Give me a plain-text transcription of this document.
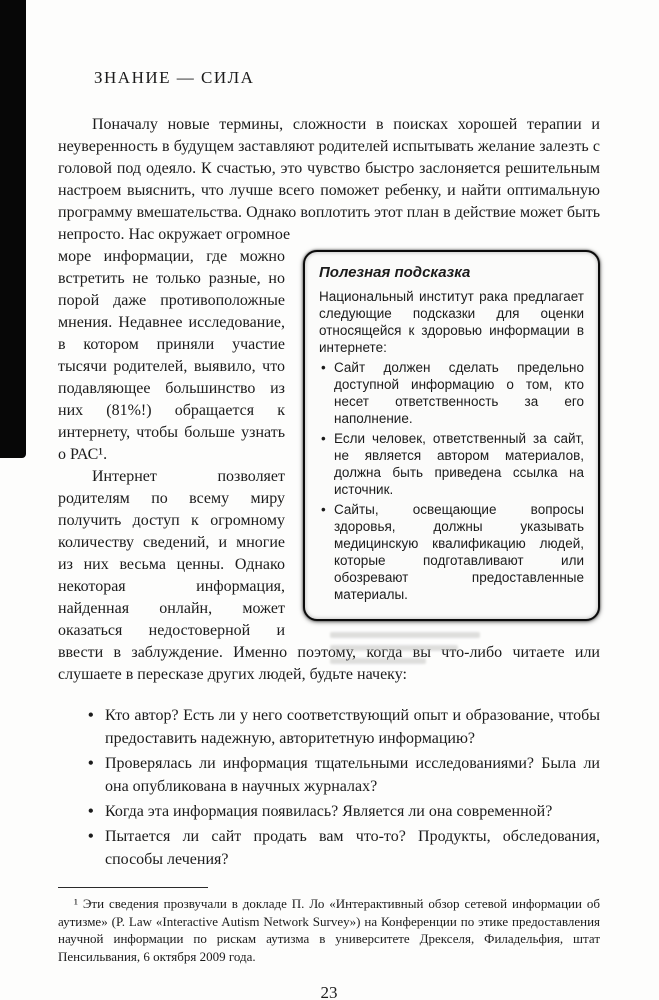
ЗНАНИЕ — СИЛА

Поначалу новые термины, сложности в поисках хорошей терапии и неуверенность в будущем заставляют родителей испытывать желание залезть с головой под одеяло. К счастью, это чувство быстро заслоняется решительным настроем выяснить, что лучше всего поможет ребенку, и найти оптимальную программу вмешательства. Однако воплотить этот план в действие может быть непросто. Нас окружает огромное

Полезная подсказка

Национальный институт рака предлагает следующие подсказки для оценки относящейся к здоровью информации в интернете:

• Сайт должен сделать предельно доступной информацию о том, кто несет ответственность за его наполнение.
• Если человек, ответственный за сайт, не является автором материалов, должна быть приведена ссылка на источник.
• Сайты, освещающие вопросы здоровья, должны указывать медицинскую квалификацию людей, которые подготавливают или обозревают предоставленные материалы.

море информации, где можно встретить не только разные, но порой даже противоположные мнения. Недавнее исследование, в котором приняли участие тысячи родителей, выявило, что подавляющее большинство из них (81%!) обращается к интернету, чтобы больше узнать о РАС¹.

Интернет позволяет родителям по всему миру получить доступ к огромному количеству сведений, и многие из них весьма ценны. Однако некоторая информация, найденная онлайн, может оказаться недостоверной и ввести в заблуждение. Именно поэтому, когда вы что-либо читаете или слушаете в пересказе других людей, будьте начеку:

• Кто автор? Есть ли у него соответствующий опыт и образование, чтобы предоставить надежную, авторитетную информацию?
• Проверялась ли информация тщательными исследованиями? Была ли она опубликована в научных журналах?
• Когда эта информация появилась? Является ли она современной?
• Пытается ли сайт продать вам что-то? Продукты, обследования, способы лечения?

¹ Эти сведения прозвучали в докладе П. Ло «Интерактивный обзор сетевой информации об аутизме» (P. Law «Interactive Autism Network Survey») на Конференции по этике предоставления научной информации по рискам аутизма в университете Дрекселя, Филадельфия, штат Пенсильвания, 6 октября 2009 года.

23
